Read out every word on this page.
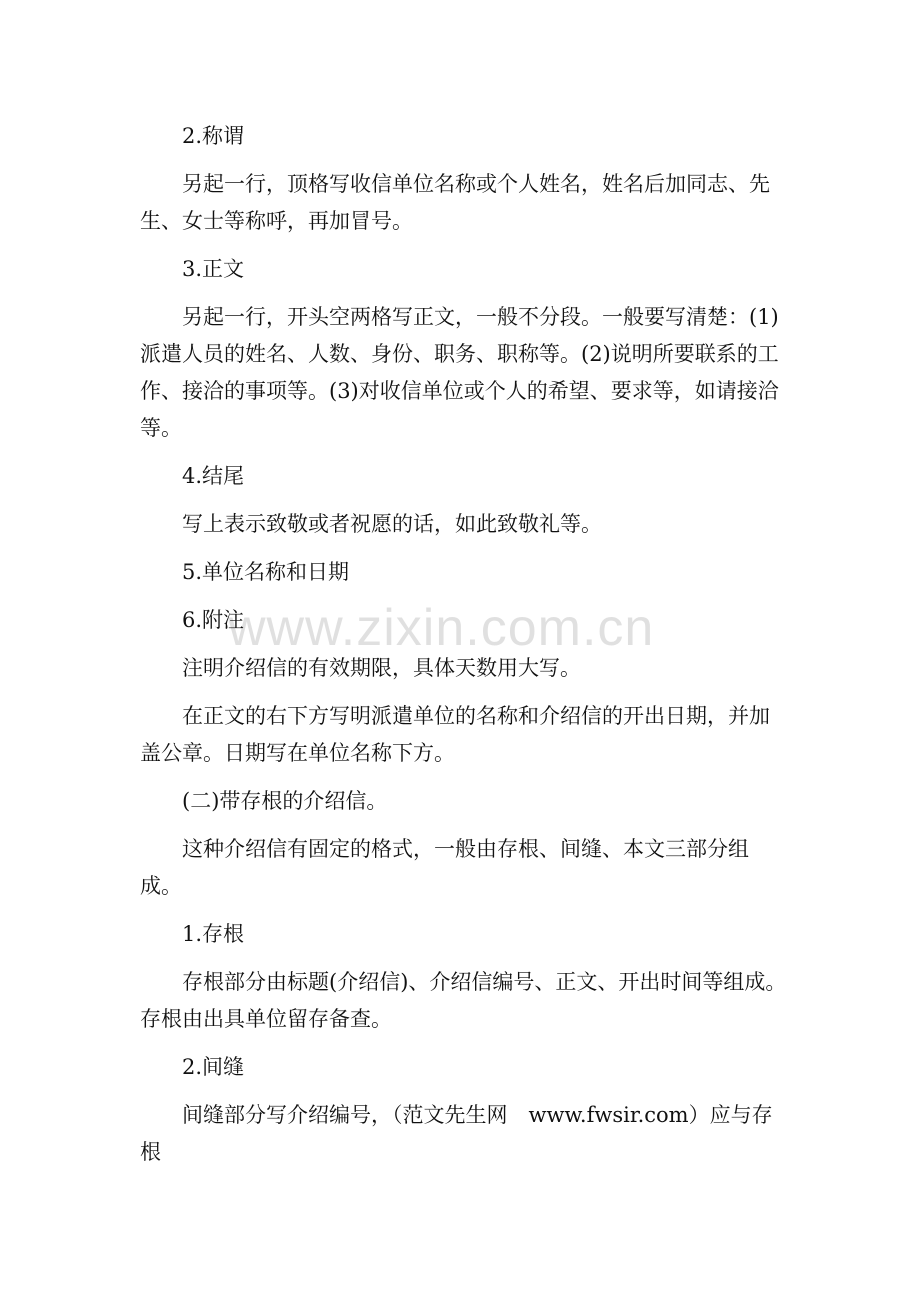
2.称谓

另起一行，顶格写收信单位名称或个人姓名，姓名后加同志、先生、女士等称呼，再加冒号。

3.正文

另起一行，开头空两格写正文，一般不分段。一般要写清楚：(1)派遣人员的姓名、人数、身份、职务、职称等。(2)说明所要联系的工作、接洽的事项等。(3)对收信单位或个人的希望、要求等，如请接洽等。

4.结尾

写上表示致敬或者祝愿的话，如此致敬礼等。

5.单位名称和日期

6.附注

注明介绍信的有效期限，具体天数用大写。

在正文的右下方写明派遣单位的名称和介绍信的开出日期，并加盖公章。日期写在单位名称下方。

(二)带存根的介绍信。

这种介绍信有固定的格式，一般由存根、间缝、本文三部分组成。

1.存根

存根部分由标题(介绍信)、介绍信编号、正文、开出时间等组成。存根由出具单位留存备查。

2.间缝

间缝部分写介绍编号，（范文先生网　www.fwsir.com）应与存根

www.zixin.com.cn
